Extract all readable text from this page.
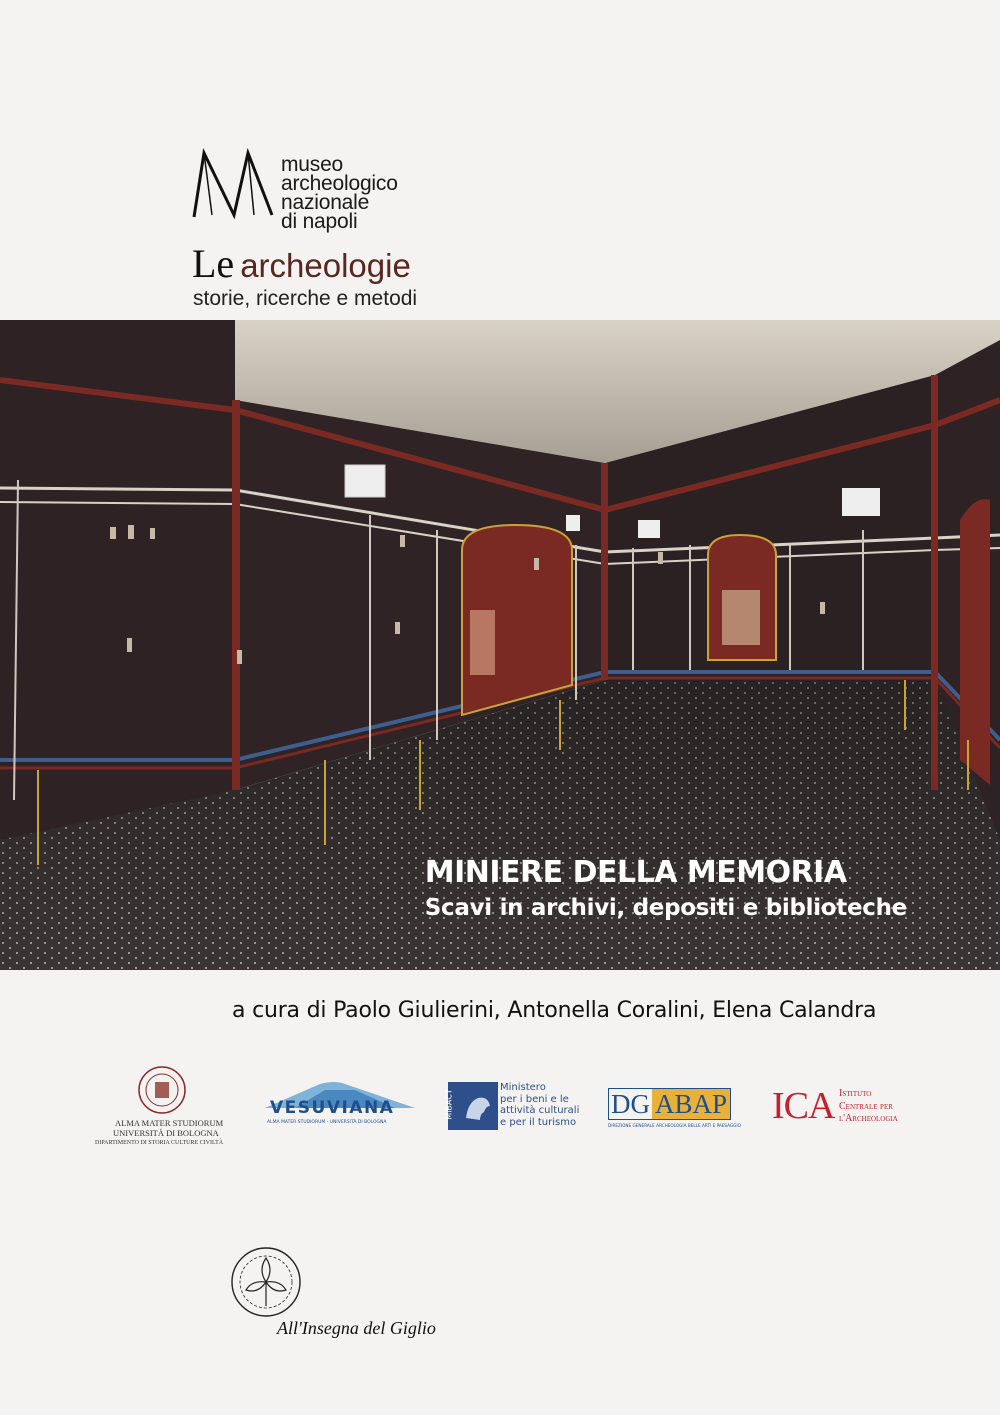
M
museo
archeologico
nazionale
di napoli
Le archeologie
storie, ricerche e metodi
MINIERE DELLA MEMORIA
Scavi in archivi, depositi e biblioteche
a cura di Paolo Giulierini, Antonella Coralini, Elena Calandra
ALMA MATER STUDIORUM A.D. 1088
ALMA MATER STUDIORUM
UNIVERSITÀ DI BOLOGNA
DIPARTIMENTO DI STORIA CULTURE CIVILTÀ
VESUVIANA
ALMA MATER STUDIORUM - UNIVERSITÀ DI BOLOGNA
MiBACT
Ministero
per i beni e le
attività culturali
e per il turismo
DG ABAP
DIREZIONE GENERALE ARCHEOLOGIA BELLE ARTI E PAESAGGIO ICA Istituto
Centrale per
l'Archeologia
ALL'INSEGNA DEL GIGLIO
All'Insegna del Giglio
